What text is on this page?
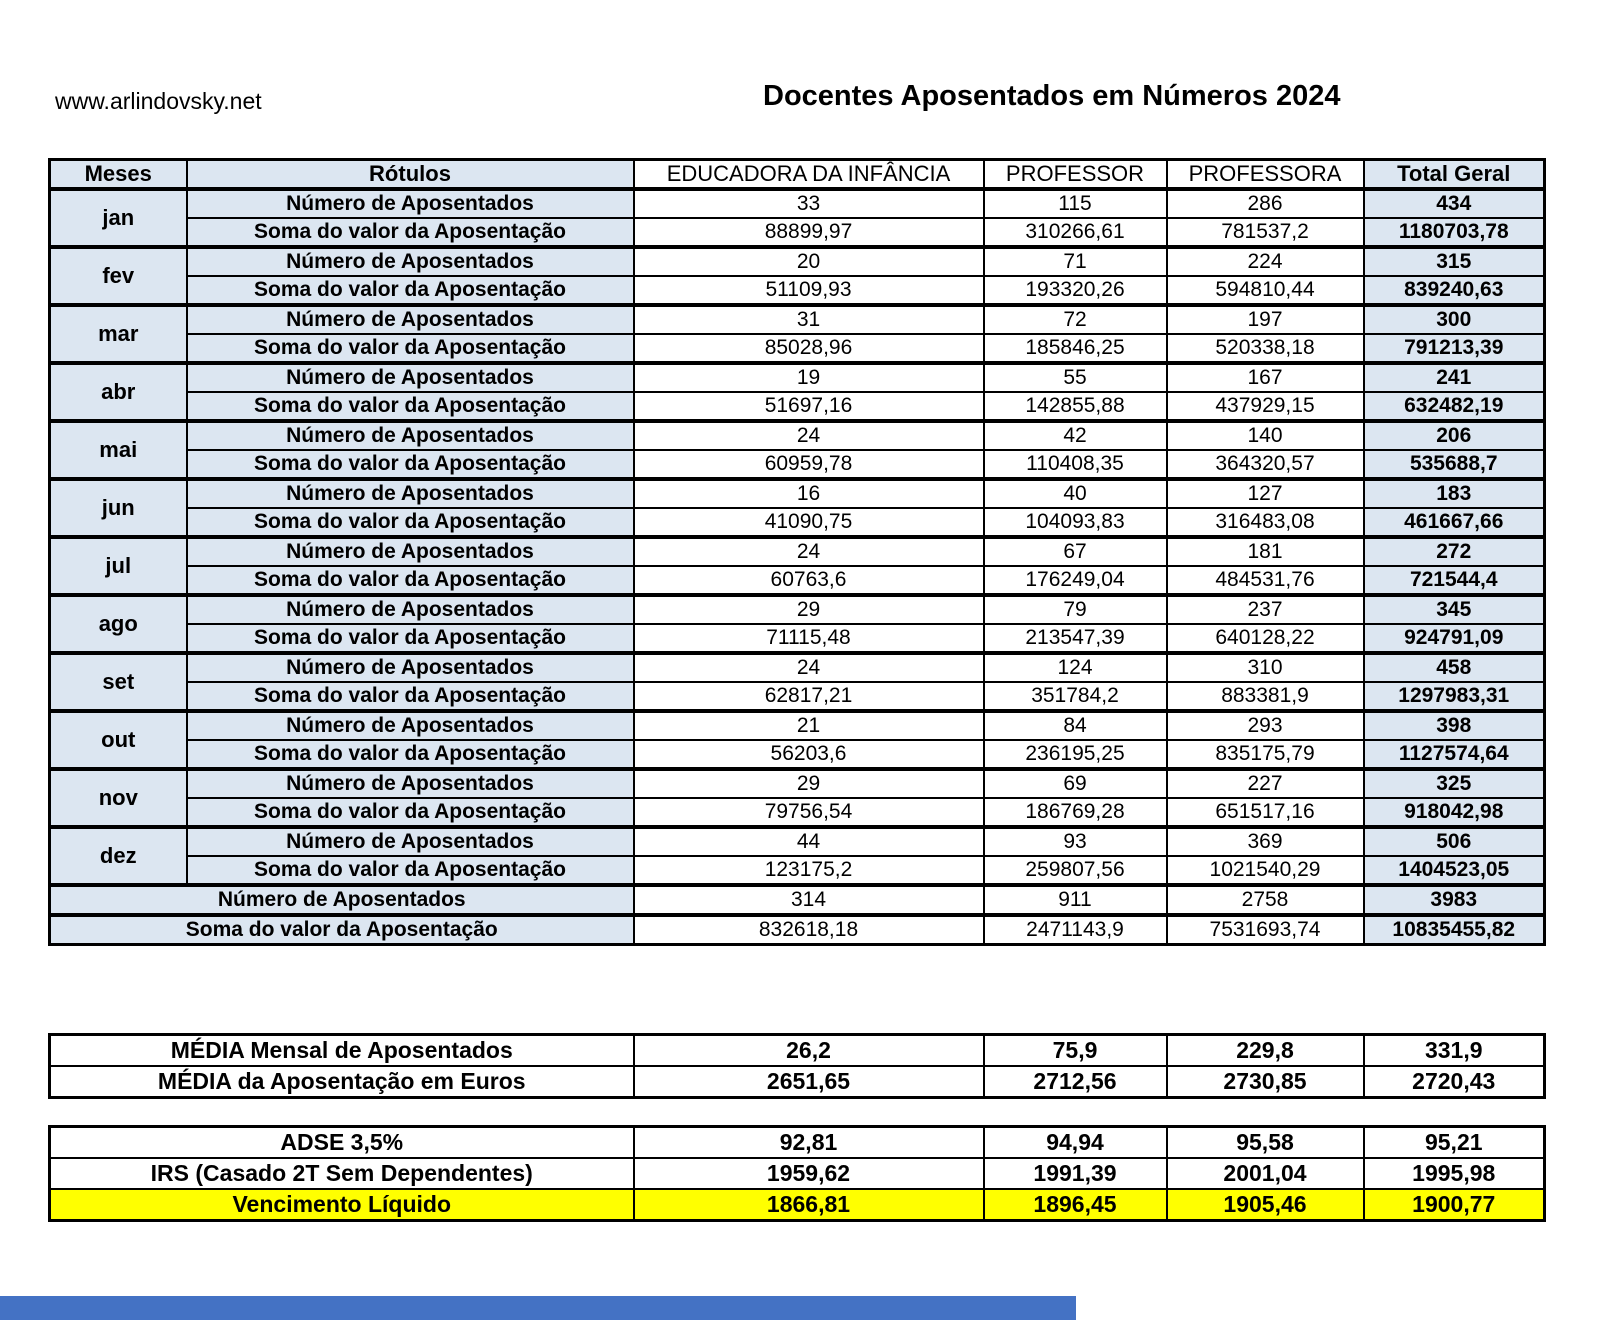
www.arlindovsky.net	Docentes Aposentados em Números 2024
Meses	Rótulos	EDUCADORA DA INFÂNCIA	PROFESSOR	PROFESSORA	Total Geral
jan	Número de Aposentados	33	115	286	434
	Soma do valor da Aposentação	88899,97	310266,61	781537,2	1180703,78
fev	Número de Aposentados	20	71	224	315
	Soma do valor da Aposentação	51109,93	193320,26	594810,44	839240,63
mar	Número de Aposentados	31	72	197	300
	Soma do valor da Aposentação	85028,96	185846,25	520338,18	791213,39
abr	Número de Aposentados	19	55	167	241
	Soma do valor da Aposentação	51697,16	142855,88	437929,15	632482,19
mai	Número de Aposentados	24	42	140	206
	Soma do valor da Aposentação	60959,78	110408,35	364320,57	535688,7
jun	Número de Aposentados	16	40	127	183
	Soma do valor da Aposentação	41090,75	104093,83	316483,08	461667,66
jul	Número de Aposentados	24	67	181	272
	Soma do valor da Aposentação	60763,6	176249,04	484531,76	721544,4
ago	Número de Aposentados	29	79	237	345
	Soma do valor da Aposentação	71115,48	213547,39	640128,22	924791,09
set	Número de Aposentados	24	124	310	458
	Soma do valor da Aposentação	62817,21	351784,2	883381,9	1297983,31
out	Número de Aposentados	21	84	293	398
	Soma do valor da Aposentação	56203,6	236195,25	835175,79	1127574,64
nov	Número de Aposentados	29	69	227	325
	Soma do valor da Aposentação	79756,54	186769,28	651517,16	918042,98
dez	Número de Aposentados	44	93	369	506
	Soma do valor da Aposentação	123175,2	259807,56	1021540,29	1404523,05
Número de Aposentados		314	911	2758	3983
Soma do valor da Aposentação		832618,18	2471143,9	7531693,74	10835455,82
MÉDIA Mensal de Aposentados	26,2	75,9	229,8	331,9
MÉDIA da Aposentação em Euros	2651,65	2712,56	2730,85	2720,43
ADSE 3,5%	92,81	94,94	95,58	95,21
IRS (Casado 2T Sem Dependentes)	1959,62	1991,39	2001,04	1995,98
Vencimento Líquido	1866,81	1896,45	1905,46	1900,77
